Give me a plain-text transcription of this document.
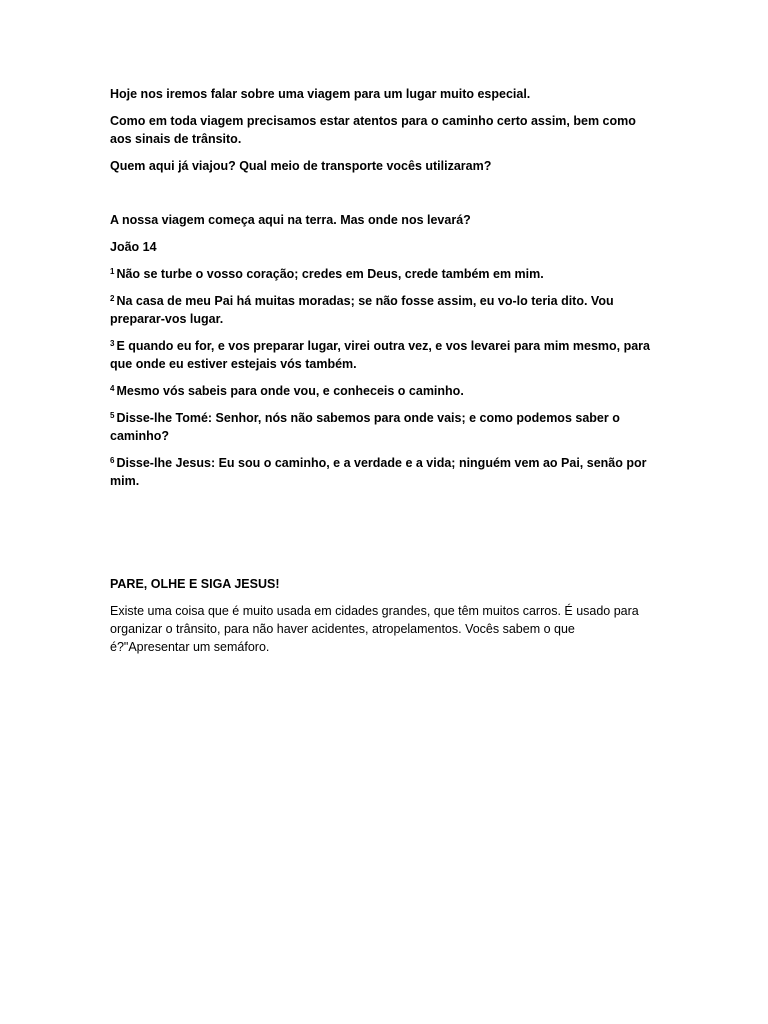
Hoje nos iremos falar sobre uma viagem para um lugar muito especial.

Como em toda viagem precisamos estar atentos para o caminho certo assim, bem como aos sinais de trânsito.

Quem aqui já viajou? Qual meio de transporte vocês utilizaram?

A nossa viagem começa aqui na terra. Mas onde nos levará?

João 14

$^1$ Não se turbe o vosso coração; credes em Deus, crede também em mim.

$^2$ Na casa de meu Pai há muitas moradas; se não fosse assim, eu vo-lo teria dito. Vou preparar-vos lugar.

$^3$ E quando eu for, e vos preparar lugar, virei outra vez, e vos levarei para mim mesmo, para que onde eu estiver estejais vós também.

$^4$ Mesmo vós sabeis para onde vou, e conheceis o caminho.

$^5$ Disse-lhe Tomé: Senhor, nós não sabemos para onde vais; e como podemos saber o caminho?

$^6$ Disse-lhe Jesus: Eu sou o caminho, e a verdade e a vida; ninguém vem ao Pai, senão por mim.

PARE, OLHE E SIGA JESUS!

Existe uma coisa que é muito usada em cidades grandes, que têm muitos carros. É usado para organizar o trânsito, para não haver acidentes, atropelamentos. Vocês sabem o que é?"Apresentar um semáforo.
